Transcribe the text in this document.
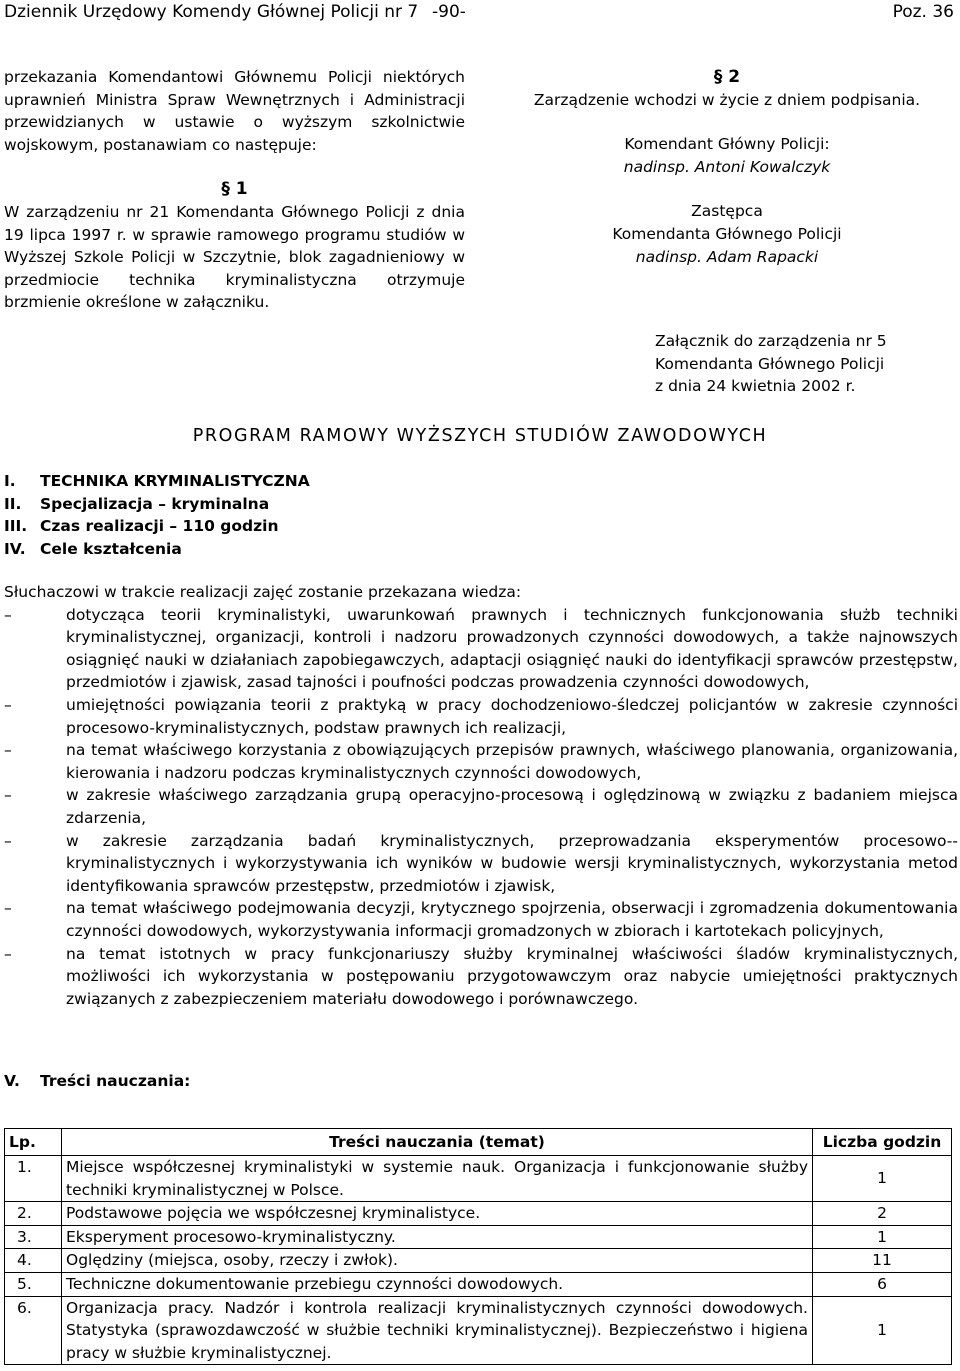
Dziennik Urzędowy Komendy Głównej Policji nr 7 -90-	Poz. 36
przekazania Komendantowi Głównemu Policji niektórych uprawnień Ministra Spraw Wewnętrznych i Administracji przewidzianych w ustawie o wyższym szkolnictwie wojskowym, postanawiam co następuje:
§ 1
W zarządzeniu nr 21 Komendanta Głównego Policji z dnia 19 lipca 1997 r. w sprawie ramowego programu studiów w Wyższej Szkole Policji w Szczytnie, blok zagadnieniowy w przedmiocie technika kryminalistyczna otrzymuje brzmienie określone w załączniku.
§ 2
Zarządzenie wchodzi w życie z dniem podpisania.
Komendant Główny Policji:
nadinsp. Antoni Kowalczyk
Zastępca
Komendanta Głównego Policji
nadinsp. Adam Rapacki
Załącznik do zarządzenia nr 5
Komendanta Głównego Policji
z dnia 24 kwietnia 2002 r.
PROGRAM RAMOWY WYŻSZYCH STUDIÓW ZAWODOWYCH
I.	TECHNIKA KRYMINALISTYCZNA
II.	Specjalizacja – kryminalna
III. Czas realizacji – 110 godzin
IV. Cele kształcenia
Słuchaczowi w trakcie realizacji zajęć zostanie przekazana wiedza:
–	dotycząca teorii kryminalistyki, uwarunkowań prawnych i technicznych funkcjonowania służb techniki kryminalistycznej, organizacji, kontroli i nadzoru prowadzonych czynności dowodowych, a także najnowszych osiągnięć nauki w działaniach zapobiegawczych, adaptacji osiągnięć nauki do identyfikacji sprawców przestępstw, przedmiotów i zjawisk, zasad tajności i poufności podczas prowadzenia czynności dowodowych,
–	umiejętności powiązania teorii z praktyką w pracy dochodzeniowo-śledczej policjantów w zakresie czynności procesowo-kryminalistycznych, podstaw prawnych ich realizacji,
–	na temat właściwego korzystania z obowiązujących przepisów prawnych, właściwego planowania, organizowania, kierowania i nadzoru podczas kryminalistycznych czynności dowodowych,
–	w zakresie właściwego zarządzania grupą operacyjno-procesową i oględzinową w związku z badaniem miejsca zdarzenia,
–	w zakresie zarządzania badań kryminalistycznych, przeprowadzania eksperymentów procesowo--kryminalistycznych i wykorzystywania ich wyników w budowie wersji kryminalistycznych, wykorzystania metod identyfikowania sprawców przestępstw, przedmiotów i zjawisk,
–	na temat właściwego podejmowania decyzji, krytycznego spojrzenia, obserwacji i zgromadzenia dokumentowania czynności dowodowych, wykorzystywania informacji gromadzonych w zbiorach i kartotekach policyjnych,
–	na temat istotnych w pracy funkcjonariuszy służby kryminalnej właściwości śladów kryminalistycznych, możliwości ich wykorzystania w postępowaniu przygotowawczym oraz nabycie umiejętności praktycznych związanych z zabezpieczeniem materiału dowodowego i porównawczego.
V. Treści nauczania:
Lp.	Treści nauczania (temat)	Liczba godzin
1.	Miejsce współczesnej kryminalistyki w systemie nauk. Organizacja i funkcjonowanie służby techniki kryminalistycznej w Polsce.	1
2.	Podstawowe pojęcia we współczesnej kryminalistyce.	2
3.	Eksperyment procesowo-kryminalistyczny.	1
4.	Oględziny (miejsca, osoby, rzeczy i zwłok).	11
5.	Techniczne dokumentowanie przebiegu czynności dowodowych.	6
6.	Organizacja pracy. Nadzór i kontrola realizacji kryminalistycznych czynności dowodowych. Statystyka (sprawozdawczość w służbie techniki kryminalistycznej). Bezpieczeństwo i higiena pracy w służbie kryminalistycznej.	1
